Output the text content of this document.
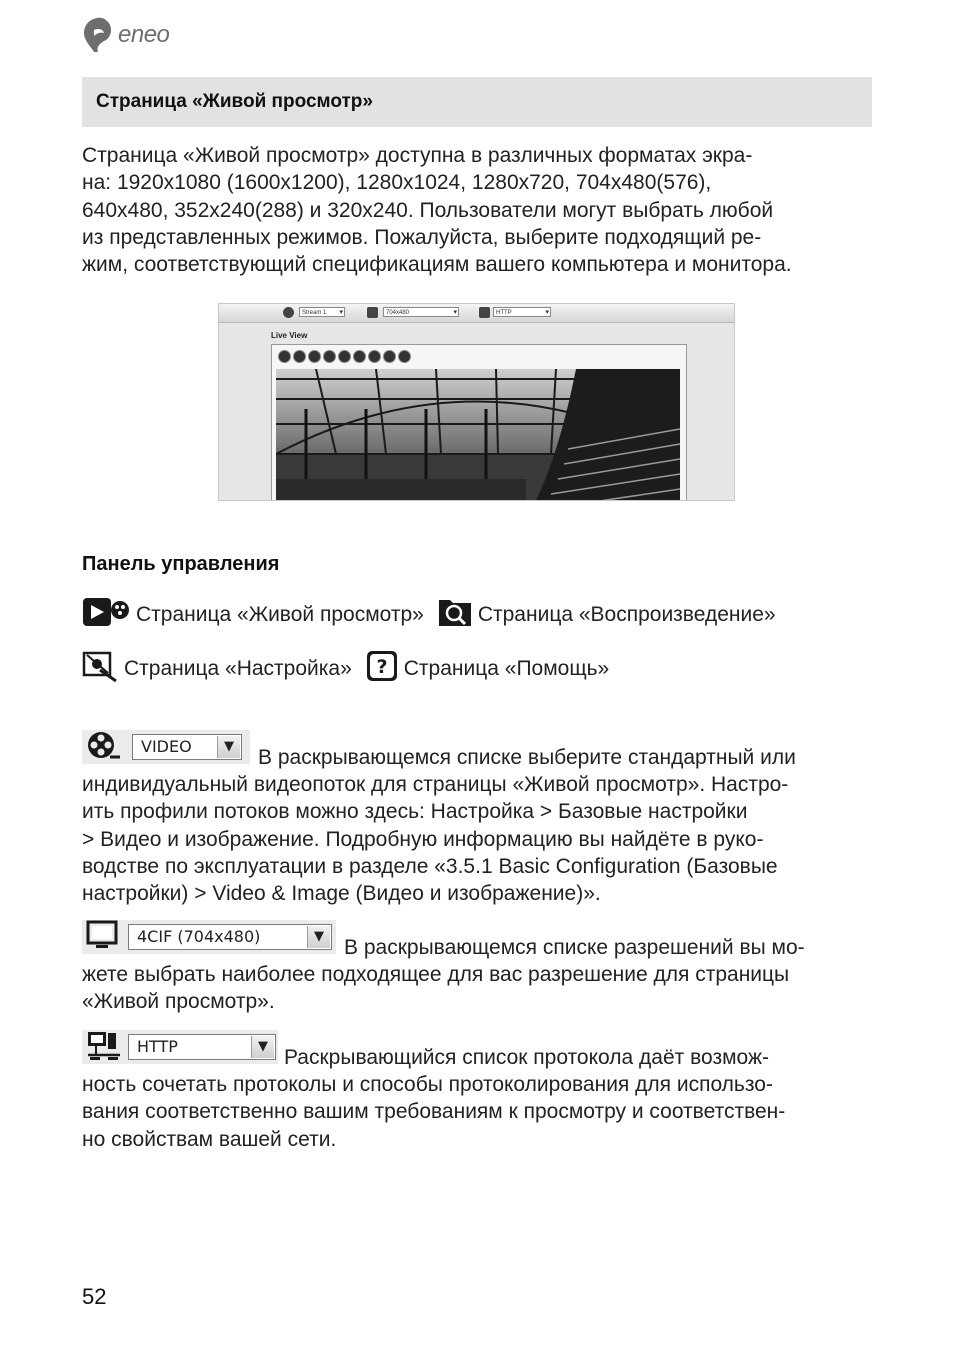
eneo
Страница «Живой просмотр»
Страница «Живой просмотр» доступна в различных форматах экра-
на: 1920x1080 (1600x1200), 1280x1024, 1280x720, 704x480(576),
640x480, 352x240(288) и 320x240. Пользователи могут выбрать любой
из представленных режимов. Пожалуйста, выберите подходящий ре-
жим, соответствующий спецификациям вашего компьютера и монитора.
Stream 1 ▾	704x480 ▾	HTTP ▾
Live View
Панель управления
Страница «Живой просмотр»	Страница «Воспроизведение»
Страница «Настройка» ? Страница «Помощь»
VIDEO	▼ В раскрывающемся списке выберите стандартный или
индивидуальный видеопоток для страницы «Живой просмотр». Настро-
ить профили потоков можно здесь: Настройка > Базовые настройки
> Видео и изображение. Подробную информацию вы найдёте в руко-
водстве по эксплуатации в разделе «3.5.1 Basic Configuration (Базовые
настройки) > Video & Image (Видео и изображение)».
4CIF (704x480)	▼ В раскрывающемся списке разрешений вы мо-
жете выбрать наиболее подходящее для вас разрешение для страницы
«Живой просмотр».
HTTP	▼ Раскрывающийся список протокола даёт возмож-
ность сочетать протоколы и способы протоколирования для использо-
вания соответственно вашим требованиям к просмотру и соответствен-
но свойствам вашей сети.
52
